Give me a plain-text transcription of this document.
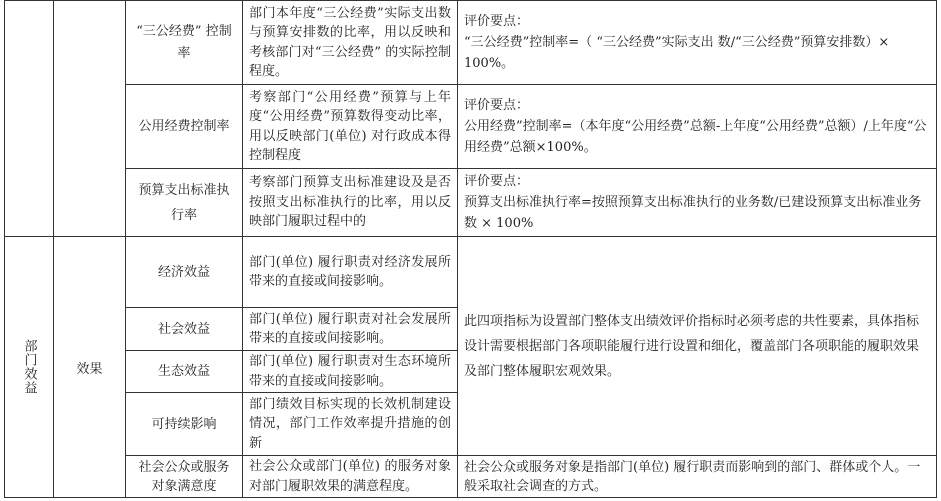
“三公经费” 控制率
部门本年度“三公经费”实际支出数与预算安排数的比率，用以反映和考核部门对“三公经费” 的实际控制程度。
评价要点：
“三公经费”控制率=（ “三公经费”实际支出 数/“三公经费”预算安排数）× 100%。
公用经费控制率
考察部门“公用经费”预算与上年度“公用经费”预算数得变动比率，用以反映部门(单位) 对行政成本得控制程度
评价要点：
公用经费”控制率=（本年度“公用经费”总额-上年度“公用经费”总额）/上年度“公用经费”总额×100%。
预算支出标准执行率
考察部门预算支出标准建设及是否按照支出标准执行的比率，用以反映部门履职过程中的
评价要点：
预算支出标准执行率=按照预算支出标准执行的业务数/已建设预算支出标准业务数 × 100%
部门效益	效果
经济效益
部门(单位) 履行职责对经济发展所带来的直接或间接影响。
社会效益
部门(单位) 履行职责对社会发展所带来的直接或间接影响。
生态效益
部门(单位) 履行职责对生态环境所带来的直接或间接影响。
可持续影响
部门绩效目标实现的长效机制建设情况，部门工作效率提升措施的创新
此四项指标为设置部门整体支出绩效评价指标时必须考虑的共性要素，具体指标设计需要根据部门各项职能履行进行设置和细化，覆盖部门各项职能的履职效果及部门整体履职宏观效果。
社会公众或服务对象满意度
社会公众或部门(单位) 的服务对象对部门履职效果的满意程度。
社会公众或服务对象是指部门(单位) 履行职责而影响到的部门、群体或个人。一般采取社会调查的方式。
